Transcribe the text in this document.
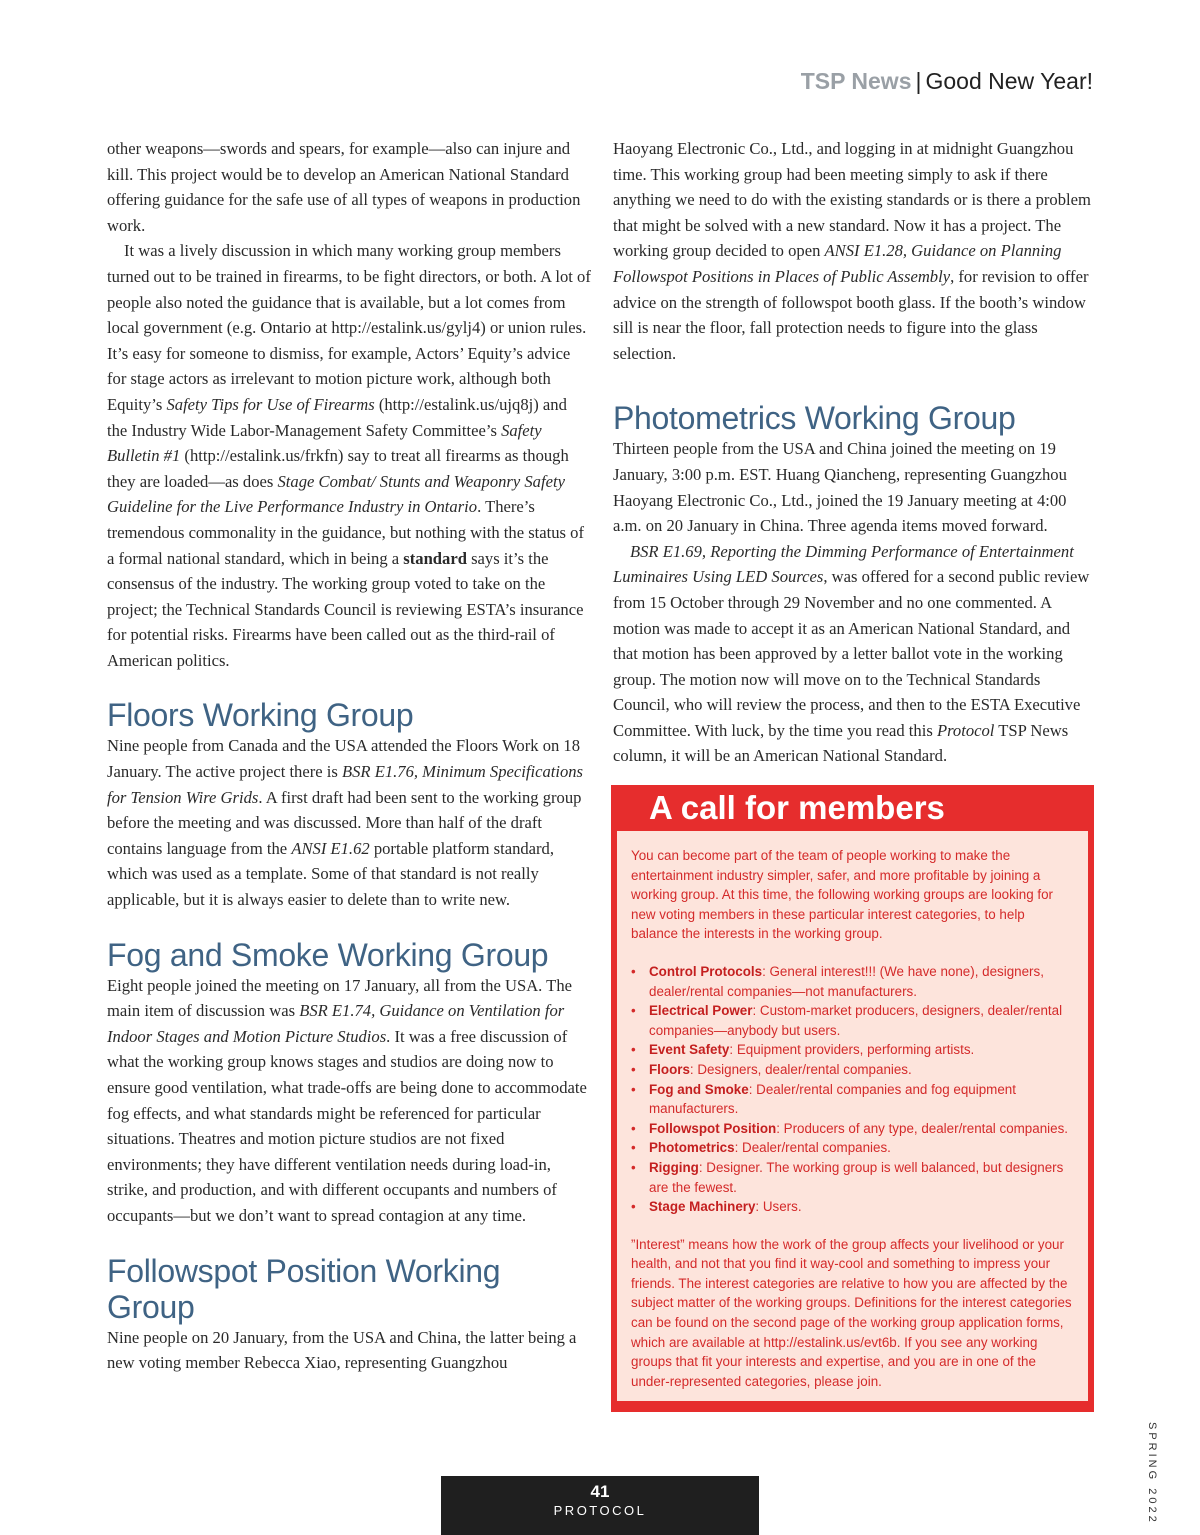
TSP News | Good New Year!

other weapons—swords and spears, for example—also can injure and kill. This project would be to develop an American National Standard offering guidance for the safe use of all types of weapons in production work.

It was a lively discussion in which many working group members turned out to be trained in firearms, to be fight directors, or both. A lot of people also noted the guidance that is available, but a lot comes from local government (e.g. Ontario at http://estalink.us/gylj4) or union rules. It’s easy for someone to dismiss, for example, Actors’ Equity’s advice for stage actors as irrelevant to motion picture work, although both Equity’s Safety Tips for Use of Firearms (http://estalink.us/ujq8j) and the Industry Wide Labor-Management Safety Committee’s Safety Bulletin #1 (http://estalink.us/frkfn) say to treat all firearms as though they are loaded—as does Stage Combat/ Stunts and Weaponry Safety Guideline for the Live Performance Industry in Ontario. There’s tremendous commonality in the guidance, but nothing with the status of a formal national standard, which in being a standard says it’s the consensus of the industry. The working group voted to take on the project; the Technical Standards Council is reviewing ESTA’s insurance for potential risks. Firearms have been called out as the third-rail of American politics.

Floors Working Group

Nine people from Canada and the USA attended the Floors Work on 18 January. The active project there is BSR E1.76, Minimum Specifications for Tension Wire Grids. A first draft had been sent to the working group before the meeting and was discussed. More than half of the draft contains language from the ANSI E1.62 portable platform standard, which was used as a template. Some of that standard is not really applicable, but it is always easier to delete than to write new.

Fog and Smoke Working Group

Eight people joined the meeting on 17 January, all from the USA. The main item of discussion was BSR E1.74, Guidance on Ventilation for Indoor Stages and Motion Picture Studios. It was a free discussion of what the working group knows stages and studios are doing now to ensure good ventilation, what trade-offs are being done to accommodate fog effects, and what standards might be referenced for particular situations. Theatres and motion picture studios are not fixed environments; they have different ventilation needs during load-in, strike, and production, and with different occupants and numbers of occupants—but we don’t want to spread contagion at any time.

Followspot Position Working Group

Nine people on 20 January, from the USA and China, the latter being a new voting member Rebecca Xiao, representing Guangzhou

Haoyang Electronic Co., Ltd., and logging in at midnight Guangzhou time. This working group had been meeting simply to ask if there anything we need to do with the existing standards or is there a problem that might be solved with a new standard. Now it has a project. The working group decided to open ANSI E1.28, Guidance on Planning Followspot Positions in Places of Public Assembly, for revision to offer advice on the strength of followspot booth glass. If the booth’s window sill is near the floor, fall protection needs to figure into the glass selection.

Photometrics Working Group

Thirteen people from the USA and China joined the meeting on 19 January, 3:00 p.m. EST. Huang Qiancheng, representing Guangzhou Haoyang Electronic Co., Ltd., joined the 19 January meeting at 4:00 a.m. on 20 January in China. Three agenda items moved forward.

BSR E1.69, Reporting the Dimming Performance of Entertainment Luminaires Using LED Sources, was offered for a second public review from 15 October through 29 November and no one commented. A motion was made to accept it as an American National Standard, and that motion has been approved by a letter ballot vote in the working group. The motion now will move on to the Technical Standards Council, who will review the process, and then to the ESTA Executive Committee. With luck, by the time you read this Protocol TSP News column, it will be an American National Standard.

A call for members

You can become part of the team of people working to make the entertainment industry simpler, safer, and more profitable by joining a working group. At this time, the following working groups are looking for new voting members in these particular interest categories, to help balance the interests in the working group.

• Control Protocols: General interest!!! (We have none), designers, dealer/rental companies—not manufacturers.
• Electrical Power: Custom-market producers, designers, dealer/rental companies—anybody but users.
• Event Safety: Equipment providers, performing artists.
• Floors: Designers, dealer/rental companies.
• Fog and Smoke: Dealer/rental companies and fog equipment manufacturers.
• Followspot Position: Producers of any type, dealer/rental companies.
• Photometrics: Dealer/rental companies.
• Rigging: Designer. The working group is well balanced, but designers are the fewest.
• Stage Machinery: Users.

”Interest” means how the work of the group affects your livelihood or your health, and not that you find it way-cool and something to impress your friends. The interest categories are relative to how you are affected by the subject matter of the working groups. Definitions for the interest categories can be found on the second page of the working group application forms, which are available at http://estalink.us/evt6b. If you see any working groups that fit your interests and expertise, and you are in one of the under-represented categories, please join.

SPRING 2022
41
PROTOCOL
